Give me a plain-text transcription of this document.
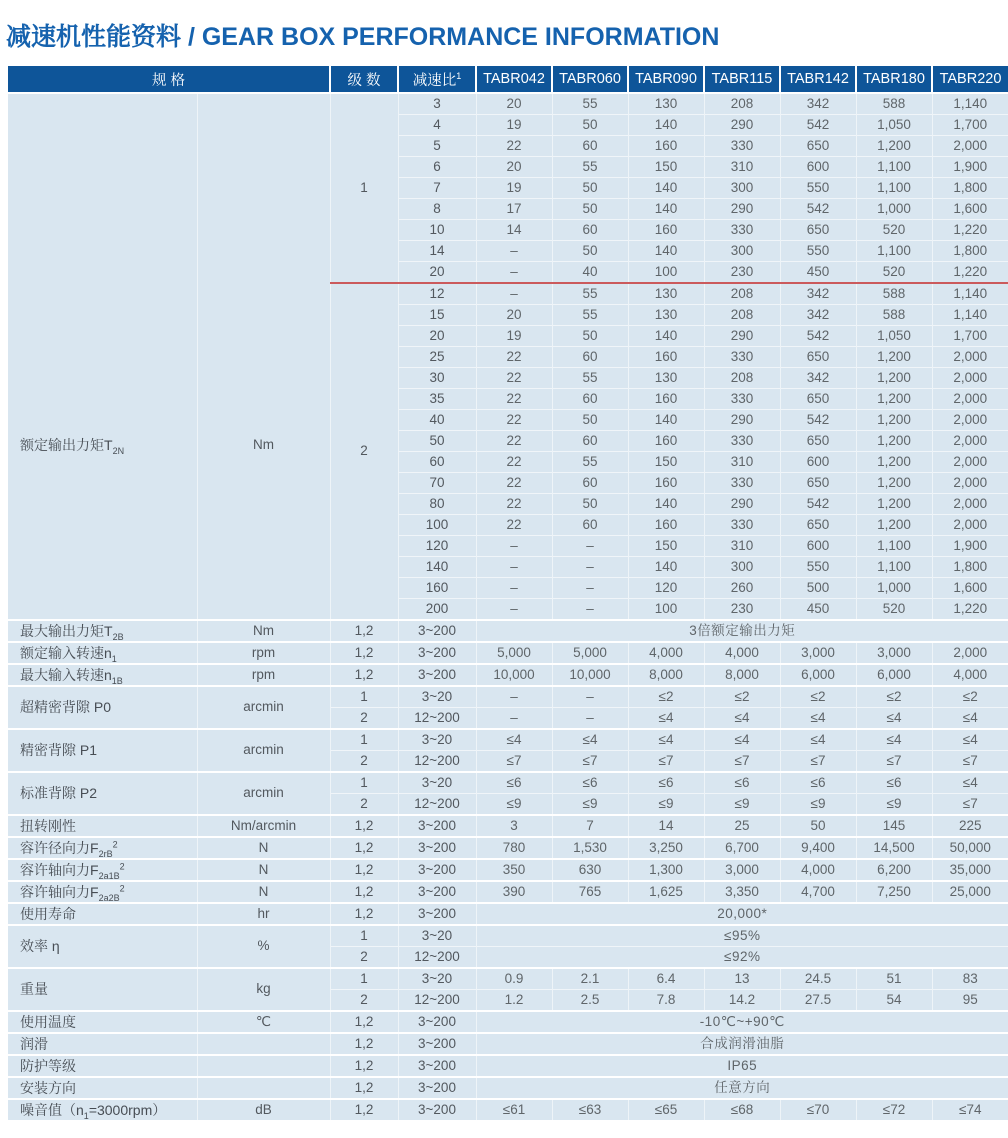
减速机性能资料 / GEAR BOX PERFORMANCE INFORMATION
规 格		级 数	减速比$^1$	TABR042	TABR060	TABR090	TABR115	TABR142	TABR180	TABR220
额定输出力矩$T_{2N}$	Nm	1	3	20	55	130	208	342	588	1,140
			4	19	50	140	290	542	1,050	1,700
			5	22	60	160	330	650	1,200	2,000
			6	20	55	150	310	600	1,100	1,900
			7	19	50	140	300	550	1,100	1,800
			8	17	50	140	290	542	1,000	1,600
			10	14	60	160	330	650	520	1,220
			14	–	50	140	300	550	1,100	1,800
			20	–	40	100	230	450	520	1,220
		2	12	–	55	130	208	342	588	1,140
			15	20	55	130	208	342	588	1,140
			20	19	50	140	290	542	1,050	1,700
			25	22	60	160	330	650	1,200	2,000
			30	22	55	130	208	342	1,200	2,000
			35	22	60	160	330	650	1,200	2,000
			40	22	50	140	290	542	1,200	2,000
			50	22	60	160	330	650	1,200	2,000
			60	22	55	150	310	600	1,200	2,000
			70	22	60	160	330	650	1,200	2,000
			80	22	50	140	290	542	1,200	2,000
			100	22	60	160	330	650	1,200	2,000
			120	–	–	150	310	600	1,100	1,900
			140	–	–	140	300	550	1,100	1,800
			160	–	–	120	260	500	1,000	1,600
			200	–	–	100	230	450	520	1,220
最大输出力矩$T_{2B}$	Nm	1,2	3~200	3倍额定输出力矩						
额定输入转速$n_1$	rpm	1,2	3~200	5,000	5,000	4,000	4,000	3,000	3,000	2,000
最大输入转速$n_{1B}$	rpm	1,2	3~200	10,000	10,000	8,000	8,000	6,000	6,000	4,000
超精密背隙 P0	arcmin	1	3~20	–	–	≤2	≤2	≤2	≤2	≤2
		2	12~200	–	–	≤4	≤4	≤4	≤4	≤4
精密背隙 P1	arcmin	1	3~20	≤4	≤4	≤4	≤4	≤4	≤4	≤4
		2	12~200	≤7	≤7	≤7	≤7	≤7	≤7	≤7
标准背隙 P2	arcmin	1	3~20	≤6	≤6	≤6	≤6	≤6	≤6	≤4
		2	12~200	≤9	≤9	≤9	≤9	≤9	≤9	≤7
扭转刚性	Nm/arcmin	1,2	3~200	3	7	14	25	50	145	225
容许径向力$F_{2rB}^2$	N	1,2	3~200	780	1,530	3,250	6,700	9,400	14,500	50,000
容许轴向力$F_{2a1B}^2$	N	1,2	3~200	350	630	1,300	3,000	4,000	6,200	35,000
容许轴向力$F_{2a2B}^2$	N	1,2	3~200	390	765	1,625	3,350	4,700	7,250	25,000
使用寿命	hr	1,2	3~200	20,000*						
效率 η	%	1	3~20	≤95%						
		2	12~200	≤92%						
重量	kg	1	3~20	0.9	2.1	6.4	13	24.5	51	83
		2	12~200	1.2	2.5	7.8	14.2	27.5	54	95
使用温度	℃	1,2	3~200	-10℃~+90℃						
润滑		1,2	3~200	合成润滑油脂						
防护等级		1,2	3~200	IP65						
安装方向		1,2	3~200	任意方向						
噪音值$(n_1=3000rpm)$	dB	1,2	3~200	≤61	≤63	≤65	≤68	≤70	≤72	≤74
